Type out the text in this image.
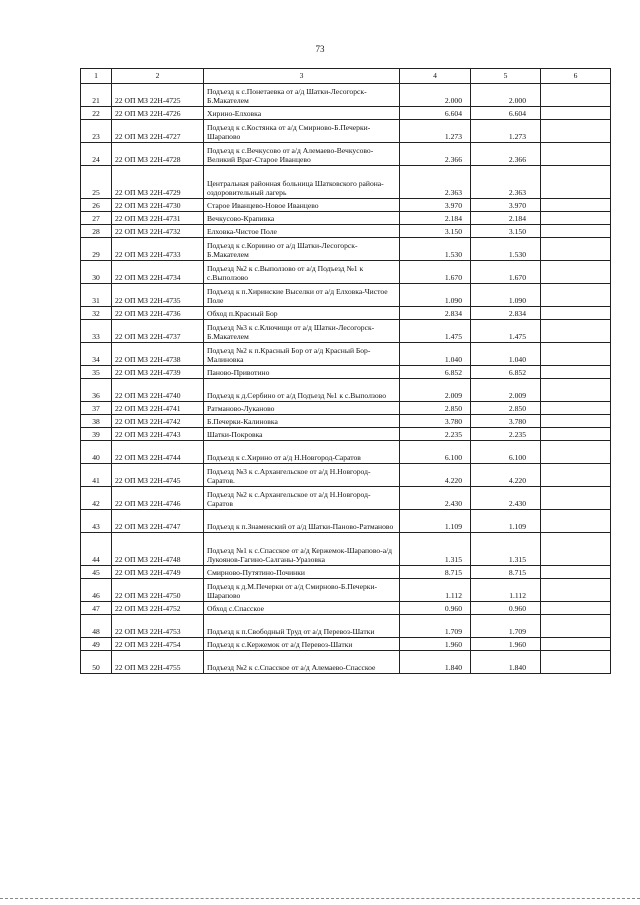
73
1	2	3	4	5	6
21	22 ОП МЗ 22Н-4725	Подъезд к с.Понетаевка от а/д Шатки-Лесогорск-Б.Макателем	2.000	2.000	
22	22 ОП МЗ 22Н-4726	Хирино-Елховка	6.604	6.604	
23	22 ОП МЗ 22Н-4727	Подъезд к с.Костянка от а/д Смирново-Б.Печерки-Шарапово	1.273	1.273	
24	22 ОП МЗ 22Н-4728	Подъезд к с.Вечкусово от а/д Алемаево-Вечкусово-Великий Враг-Старое Иванцево	2.366	2.366	
25	22 ОП МЗ 22Н-4729	Центральная районная больница Шатковского района-оздоровительный лагерь	2.363	2.363	
26	22 ОП МЗ 22Н-4730	Старое Иванцево-Новое Иванцево	3.970	3.970	
27	22 ОП МЗ 22Н-4731	Вечкусово-Крапивка	2.184	2.184	
28	22 ОП МЗ 22Н-4732	Елховка-Чистое Поле	3.150	3.150	
29	22 ОП МЗ 22Н-4733	Подъезд к с.Кориино от а/д Шатки-Лесогорск-Б.Макателем	1.530	1.530	
30	22 ОП МЗ 22Н-4734	Подъезд №2 к с.Выползово от а/д Подъезд №1 к с.Выползово	1.670	1.670	
31	22 ОП МЗ 22Н-4735	Подъезд к п.Хиринские Выселки от а/д Елховка-Чистое Поле	1.090	1.090	
32	22 ОП МЗ 22Н-4736	Обход п.Красный Бор	2.834	2.834	
33	22 ОП МЗ 22Н-4737	Подъезд №3 к с.Ключищи от а/д Шатки-Лесогорск-Б.Макателем	1.475	1.475	
34	22 ОП МЗ 22Н-4738	Подъезд №2 к п.Красный Бор от а/д Красный Бор-Малиновка	1.040	1.040	
35	22 ОП МЗ 22Н-4739	Паново-Привотино	6.852	6.852	
36	22 ОП МЗ 22Н-4740	Подъезд к д.Сербино от а/д Подъезд №1 к с.Выползово	2.009	2.009	
37	22 ОП МЗ 22Н-4741	Ратманово-Луканово	2.850	2.850	
38	22 ОП МЗ 22Н-4742	Б.Печерки-Калиновка	3.780	3.780	
39	22 ОП МЗ 22Н-4743	Шатки-Покровка	2.235	2.235	
40	22 ОП МЗ 22Н-4744	Подъезд к с.Хирино от а/д Н.Новгород-Саратов	6.100	6.100	
41	22 ОП МЗ 22Н-4745	Подъезд №3 к с.Архангельское от а/д Н.Новгород-Саратов.	4.220	4.220	
42	22 ОП МЗ 22Н-4746	Подъезд №2 к с.Архангельское от а/д Н.Новгород-Саратов	2.430	2.430	
43	22 ОП МЗ 22Н-4747	Подъезд к п.Знаменский от а/д Шатки-Паново-Ратманово	1.109	1.109	
44	22 ОП МЗ 22Н-4748	Подъезд №1 к с.Спасское от а/д Кержемок-Шарапово-а/д Лукоянов-Гагино-Салганы-Уразовка	1.315	1.315	
45	22 ОП МЗ 22Н-4749	Смирново-Путятино-Починки	8.715	8.715	
46	22 ОП МЗ 22Н-4750	Подъезд к д.М.Печерки от а/д Смирново-Б.Печерки-Шарапово	1.112	1.112	
47	22 ОП МЗ 22Н-4752	Обход с.Спасское	0.960	0.960	
48	22 ОП МЗ 22Н-4753	Подъезд к п.Свободный Труд от а/д Перевоз-Шатки	1.709	1.709	
49	22 ОП МЗ 22Н-4754	Подъезд к с.Кержемок от а/д Перевоз-Шатки	1.960	1.960	
50	22 ОП МЗ 22Н-4755	Подъезд №2 к с.Спасское от а/д Алемаево-Спасское	1.840	1.840	
